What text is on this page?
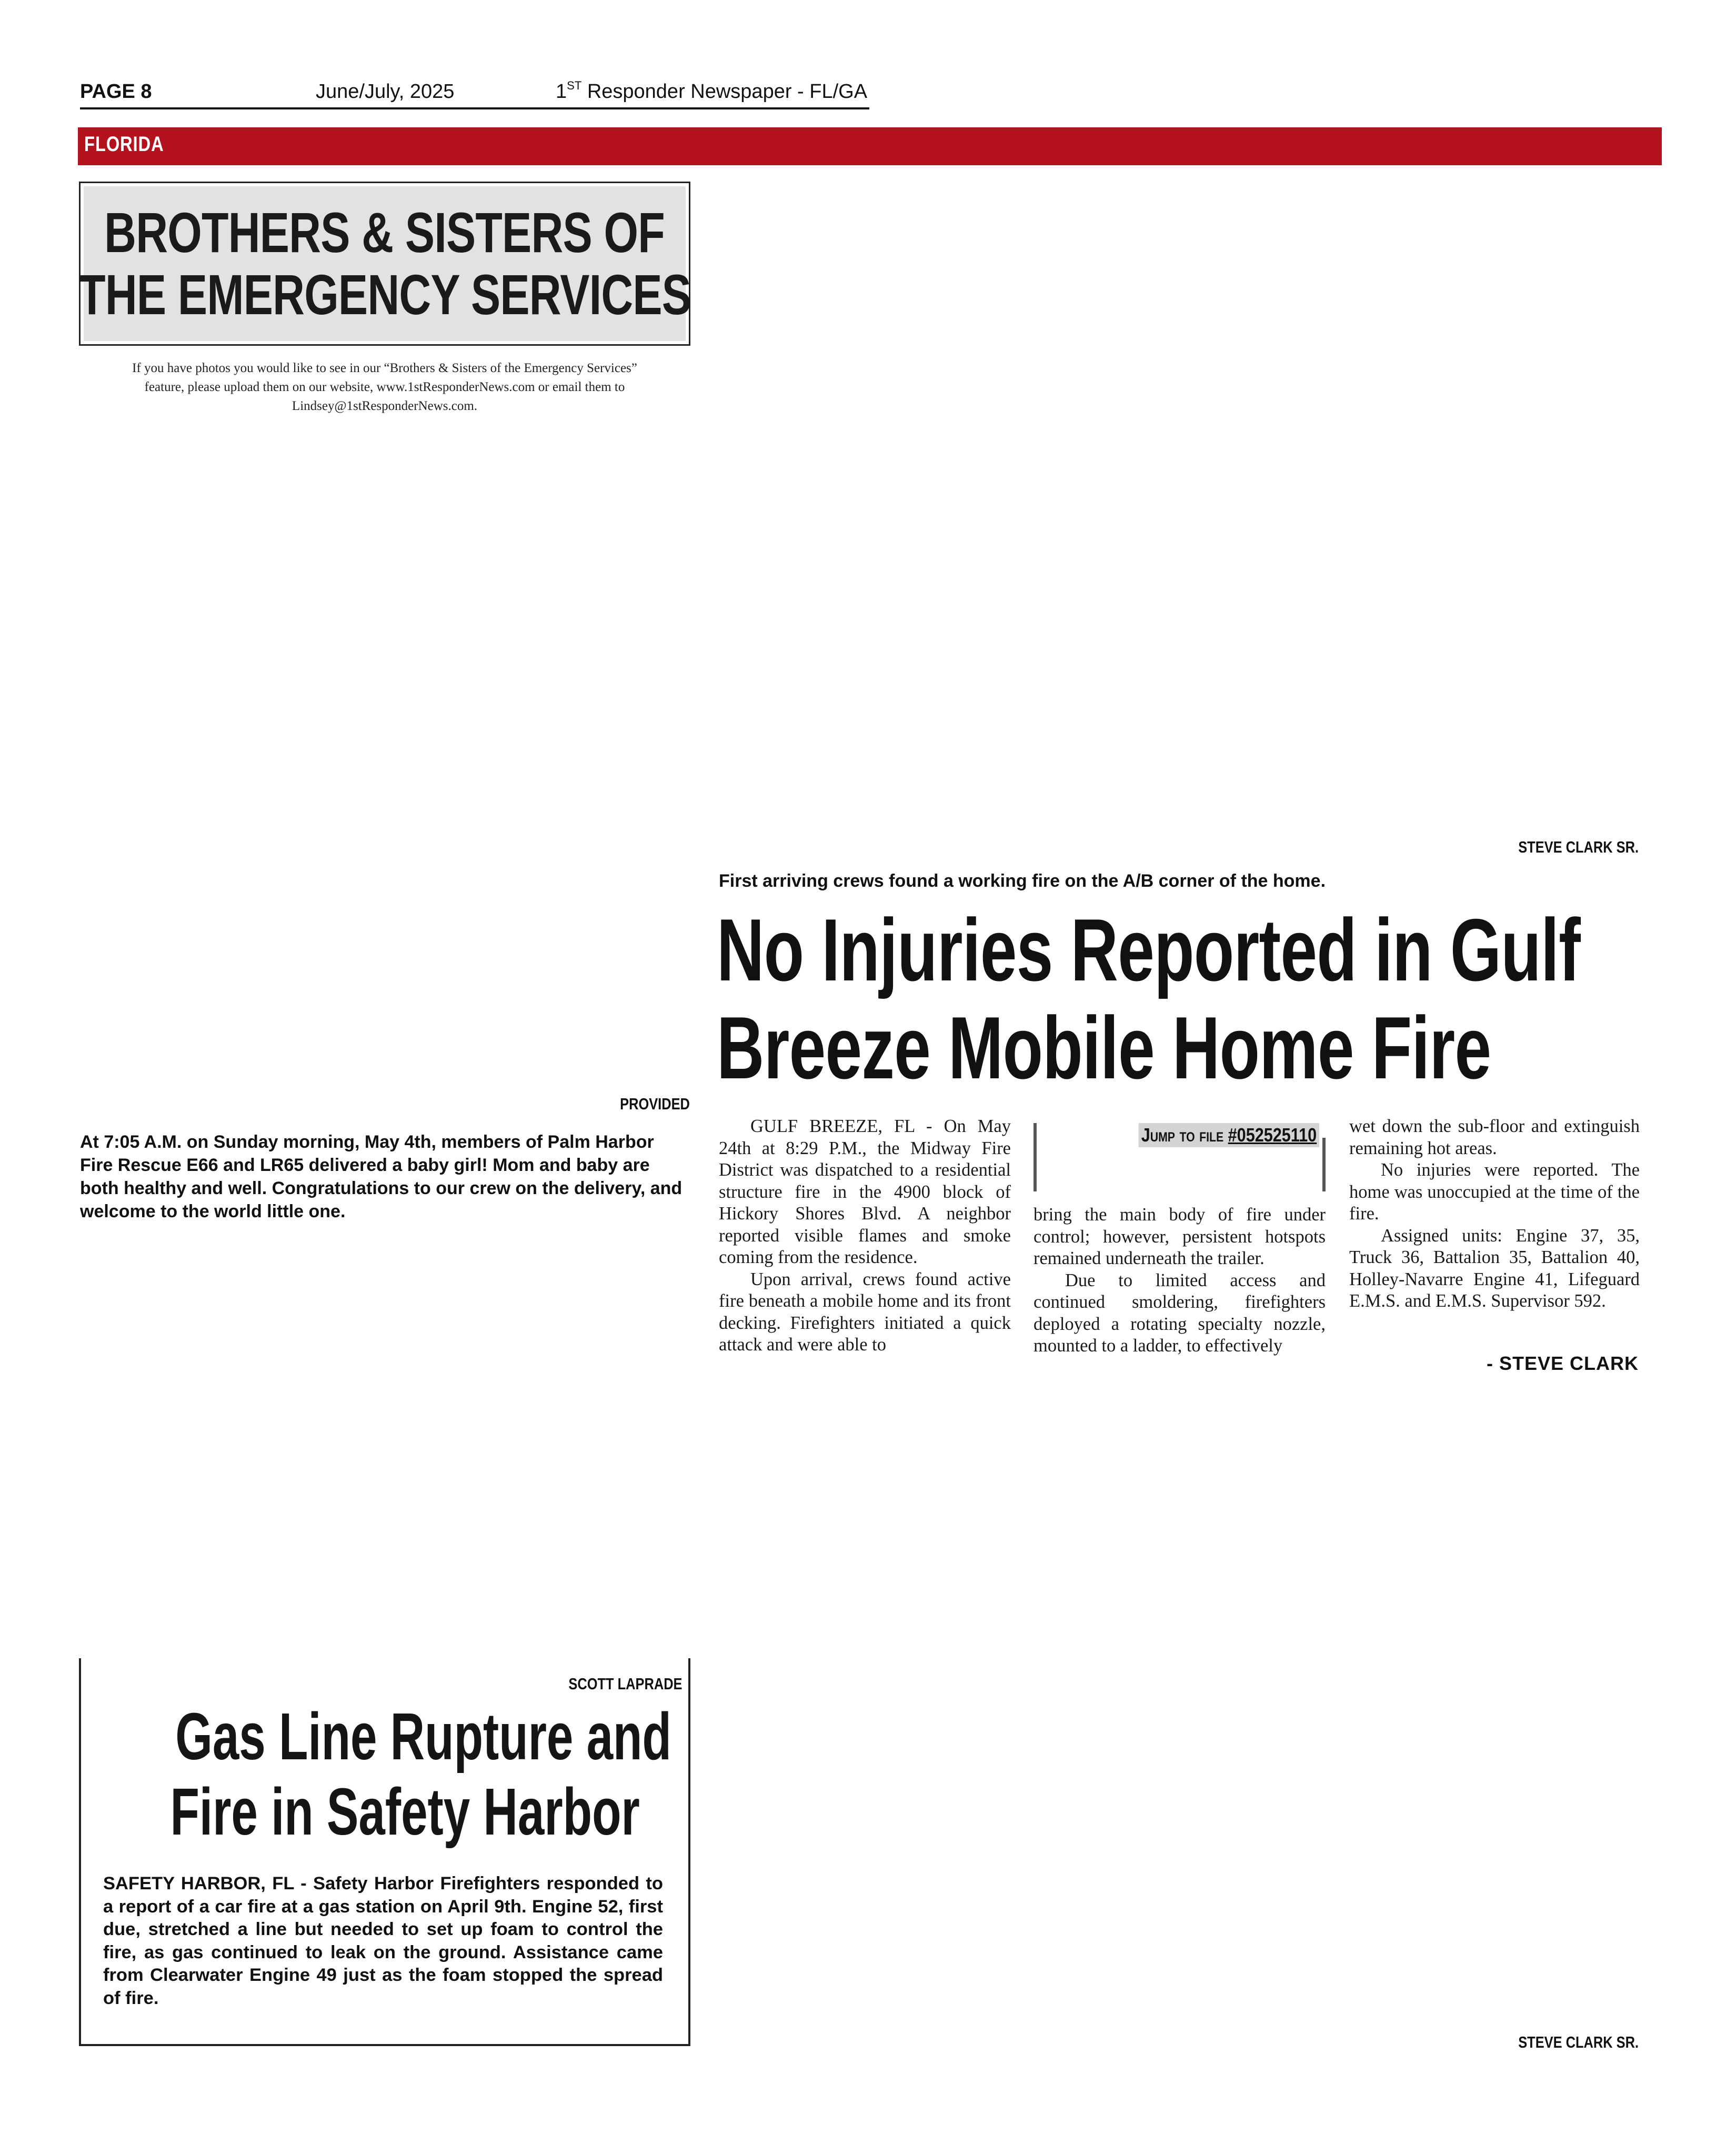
PAGE 8	June/July, 2025	1ST Responder Newspaper - FL/GA
FLORIDA
BROTHERS & SISTERS OF
THE EMERGENCY SERVICES
If you have photos you would like to see in our “Brothers & Sisters of the Emergency Services”
feature, please upload them on our website, www.1stResponderNews.com or email them to
Lindsey@1stResponderNews.com.
PROVIDED
At 7:05 A.M. on Sunday morning, May 4th, members of Palm Harbor Fire Rescue E66 and LR65 delivered a baby girl! Mom and baby are both healthy and well. Congratulations to our crew on the delivery, and welcome to the world little one.
STEVE CLARK SR.
First arriving crews found a working fire on the A/B corner of the home.
No Injuries Reported in Gulf
Breeze Mobile Home Fire

GULF BREEZE, FL - On May 24th at 8:29 P.M., the Midway Fire District was dispatched to a residential structure fire in the 4900 block of Hickory Shores Blvd. A neighbor reported visible flames and smoke coming from the residence.

Upon arrival, crews found active fire beneath a mobile home and its front decking. Firefighters initiated a quick attack and were able to

Jump to file #052525110

bring the main body of fire under control; however, persistent hotspots remained underneath the trailer.

Due to limited access and continued smoldering, firefighters deployed a rotating specialty nozzle, mounted to a ladder, to effectively

wet down the sub-floor and extinguish remaining hot areas.

No injuries were reported. The home was unoccupied at the time of the fire.

Assigned units: Engine 37, 35, Truck 36, Battalion 35, Battalion 40, Holley-Navarre Engine 41, Lifeguard E.M.S. and E.M.S. Supervisor 592.

- STEVE CLARK
SCOTT LAPRADE
Gas Line Rupture and
Fire in Safety Harbor
SAFETY HARBOR, FL - Safety Harbor Firefighters responded to a report of a car fire at a gas station on April 9th. Engine 52, first due, stretched a line but needed to set up foam to control the fire, as gas continued to leak on the ground. Assistance came from Clearwater Engine 49 just as the foam stopped the spread of fire.
STEVE CLARK SR.
